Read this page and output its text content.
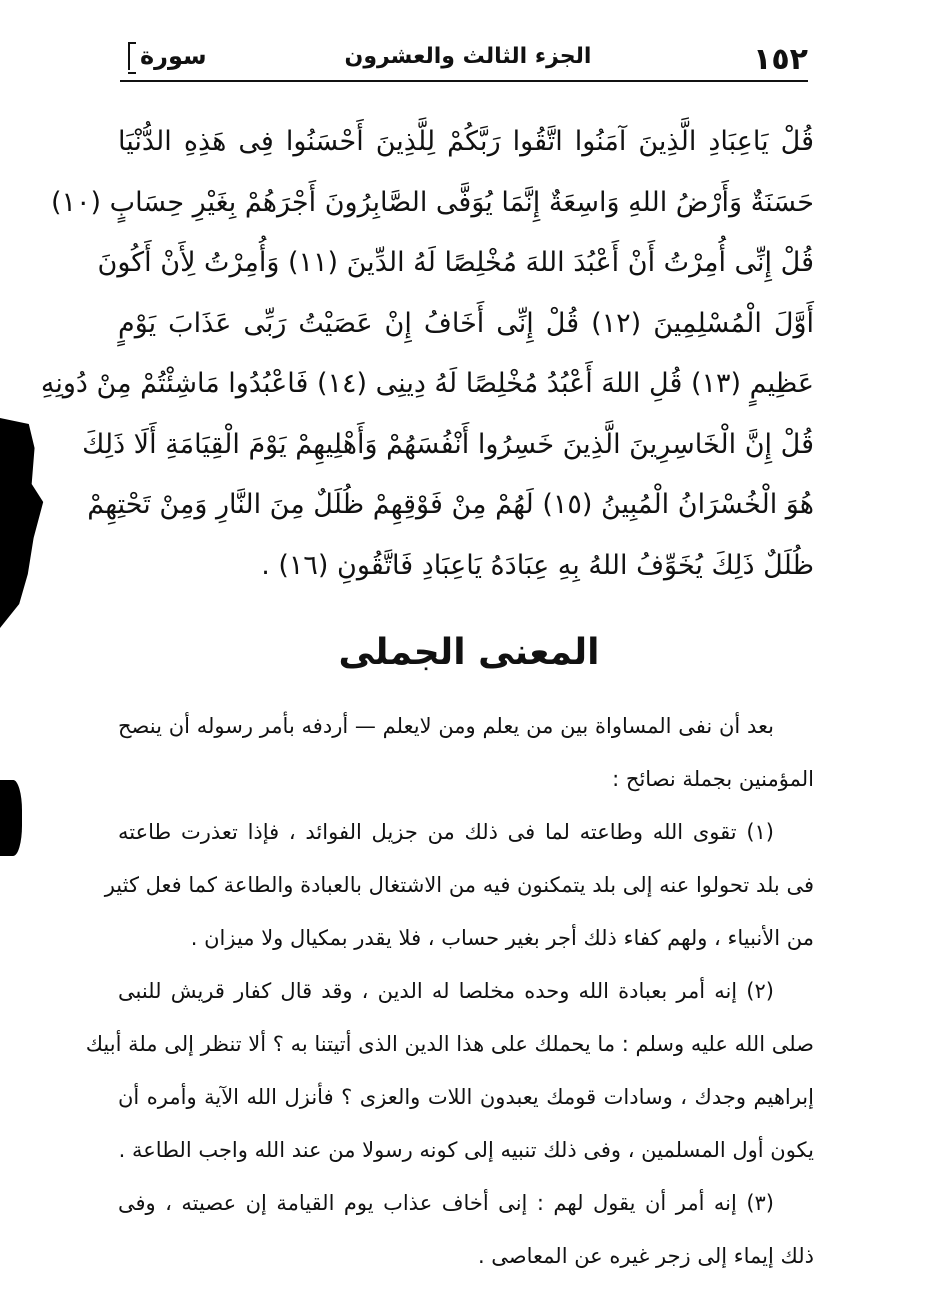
١٥٢
الجزء الثالث والعشرون
سورة
قُلْ يَاعِبَادِ الَّذِينَ آمَنُوا اتَّقُوا رَبَّكُمْ لِلَّذِينَ أَحْسَنُوا فِى هَذِهِ الدُّنْيَا
حَسَنَةٌ وَأَرْضُ اللهِ وَاسِعَةٌ إِنَّمَا يُوَفَّى الصَّابِرُونَ أَجْرَهُمْ بِغَيْرِ حِسَابٍ (١٠)
قُلْ إِنِّى أُمِرْتُ أَنْ أَعْبُدَ اللهَ مُخْلِصًا لَهُ الدِّينَ (١١) وَأُمِرْتُ لِأَنْ أَكُونَ
أَوَّلَ الْمُسْلِمِينَ (١٢) قُلْ إِنِّى أَخَافُ إِنْ عَصَيْتُ رَبِّى عَذَابَ يَوْمٍ
عَظِيمٍ (١٣) قُلِ اللهَ أَعْبُدُ مُخْلِصًا لَهُ دِينِى (١٤) فَاعْبُدُوا مَاشِئْتُمْ مِنْ دُونِهِ
قُلْ إِنَّ الْخَاسِرِينَ الَّذِينَ خَسِرُوا أَنْفُسَهُمْ وَأَهْلِيهِمْ يَوْمَ الْقِيَامَةِ أَلَا ذَلِكَ
هُوَ الْخُسْرَانُ الْمُبِينُ (١٥) لَهُمْ مِنْ فَوْقِهِمْ ظُلَلٌ مِنَ النَّارِ وَمِنْ تَحْتِهِمْ
ظُلَلٌ ذَلِكَ يُخَوِّفُ اللهُ بِهِ عِبَادَهُ يَاعِبَادِ فَاتَّقُونِ (١٦) .
المعنى الجملى
بعد أن نفى المساواة بين من يعلم ومن لايعلم — أردفه بأمر رسوله أن ينصح
المؤمنين بجملة نصائح :
(١) تقوى الله وطاعته لما فى ذلك من جزيل الفوائد ، فإذا تعذرت طاعته
فى بلد تحولوا عنه إلى بلد يتمكنون فيه من الاشتغال بالعبادة والطاعة كما فعل كثير
من الأنبياء ، ولهم كفاء ذلك أجر بغير حساب ، فلا يقدر بمكيال ولا ميزان .
(٢) إنه أمر بعبادة الله وحده مخلصا له الدين ، وقد قال كفار قريش للنبى
صلى الله عليه وسلم : ما يحملك على هذا الدين الذى أتيتنا به ؟ ألا تنظر إلى ملة أبيك
إبراهيم وجدك ، وسادات قومك يعبدون اللات والعزى ؟ فأنزل الله الآية وأمره أن
يكون أول المسلمين ، وفى ذلك تنبيه إلى كونه رسولا من عند الله واجب الطاعة .
(٣) إنه أمر أن يقول لهم : إنى أخاف عذاب يوم القيامة إن عصيته ، وفى
ذلك إيماء إلى زجر غيره عن المعاصى .
